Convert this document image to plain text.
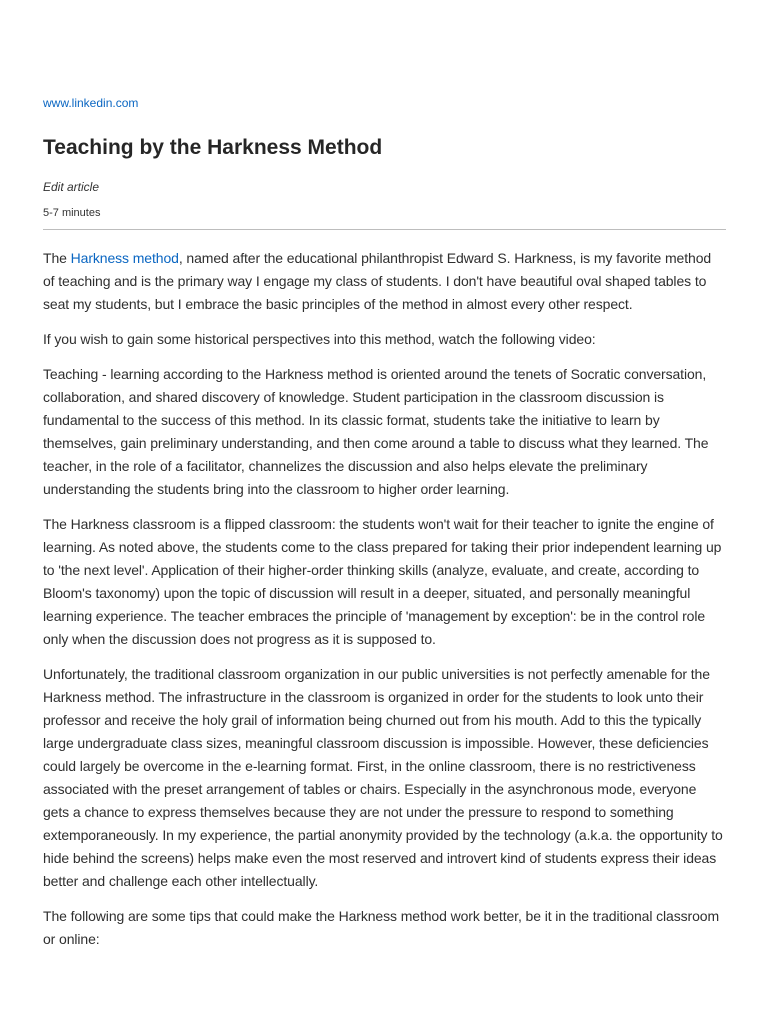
www.linkedin.com
Teaching by the Harkness Method
Edit article
5-7 minutes

The Harkness method, named after the educational philanthropist Edward S. Harkness, is my favorite method of teaching and is the primary way I engage my class of students. I don't have beautiful oval shaped tables to seat my students, but I embrace the basic principles of the method in almost every other respect.

If you wish to gain some historical perspectives into this method, watch the following video:

Teaching - learning according to the Harkness method is oriented around the tenets of Socratic conversation, collaboration, and shared discovery of knowledge. Student participation in the classroom discussion is fundamental to the success of this method. In its classic format, students take the initiative to learn by themselves, gain preliminary understanding, and then come around a table to discuss what they learned. The teacher, in the role of a facilitator, channelizes the discussion and also helps elevate the preliminary understanding the students bring into the classroom to higher order learning.

The Harkness classroom is a flipped classroom: the students won't wait for their teacher to ignite the engine of learning. As noted above, the students come to the class prepared for taking their prior independent learning up to 'the next level'. Application of their higher-order thinking skills (analyze, evaluate, and create, according to Bloom's taxonomy) upon the topic of discussion will result in a deeper, situated, and personally meaningful learning experience. The teacher embraces the principle of 'management by exception': be in the control role only when the discussion does not progress as it is supposed to.

Unfortunately, the traditional classroom organization in our public universities is not perfectly amenable for the Harkness method. The infrastructure in the classroom is organized in order for the students to look unto their professor and receive the holy grail of information being churned out from his mouth. Add to this the typically large undergraduate class sizes, meaningful classroom discussion is impossible. However, these deficiencies could largely be overcome in the e-learning format. First, in the online classroom, there is no restrictiveness associated with the preset arrangement of tables or chairs. Especially in the asynchronous mode, everyone gets a chance to express themselves because they are not under the pressure to respond to something extemporaneously. In my experience, the partial anonymity provided by the technology (a.k.a. the opportunity to hide behind the screens) helps make even the most reserved and introvert kind of students express their ideas better and challenge each other intellectually.

The following are some tips that could make the Harkness method work better, be it in the traditional classroom or online:
